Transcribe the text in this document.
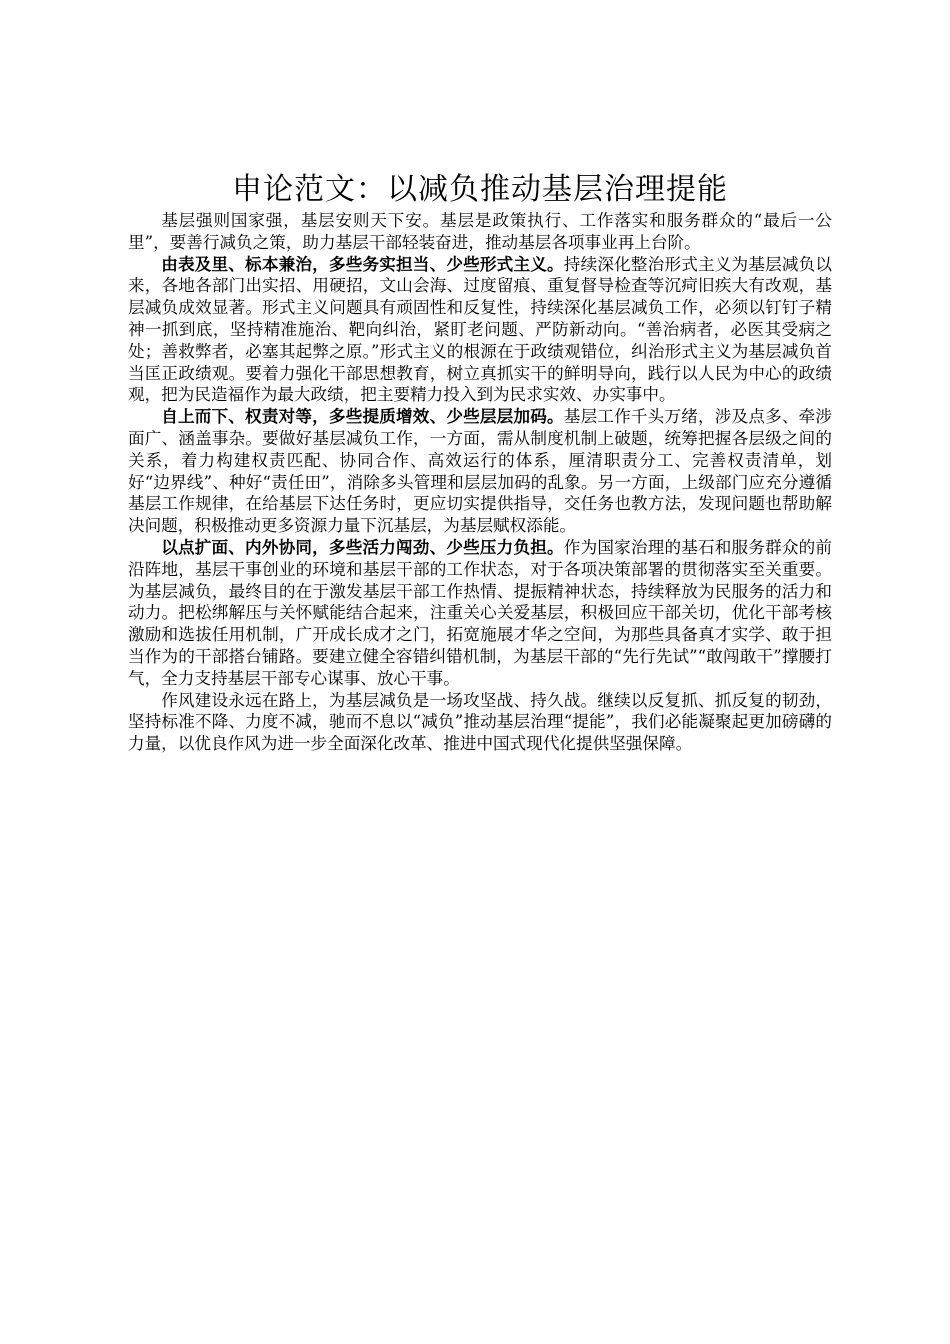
申论范文：以减负推动基层治理提能

基层强则国家强，基层安则天下安。基层是政策执行、工作落实和服务群众的“最后一公里”，要善行减负之策，助力基层干部轻装奋进，推动基层各项事业再上台阶。

由表及里、标本兼治，多些务实担当、少些形式主义。持续深化整治形式主义为基层减负以来，各地各部门出实招、用硬招，文山会海、过度留痕、重复督导检查等沉疴旧疾大有改观，基层减负成效显著。形式主义问题具有顽固性和反复性，持续深化基层减负工作，必须以钉钉子精神一抓到底，坚持精准施治、靶向纠治，紧盯老问题、严防新动向。“善治病者，必医其受病之处；善救弊者，必塞其起弊之原。”形式主义的根源在于政绩观错位，纠治形式主义为基层减负首当匡正政绩观。要着力强化干部思想教育，树立真抓实干的鲜明导向，践行以人民为中心的政绩观，把为民造福作为最大政绩，把主要精力投入到为民求实效、办实事中。

自上而下、权责对等，多些提质增效、少些层层加码。基层工作千头万绪，涉及点多、牵涉面广、涵盖事杂。要做好基层减负工作，一方面，需从制度机制上破题，统筹把握各层级之间的关系，着力构建权责匹配、协同合作、高效运行的体系，厘清职责分工、完善权责清单，划好“边界线”、种好“责任田”，消除多头管理和层层加码的乱象。另一方面，上级部门应充分遵循基层工作规律，在给基层下达任务时，更应切实提供指导，交任务也教方法，发现问题也帮助解决问题，积极推动更多资源力量下沉基层，为基层赋权添能。

以点扩面、内外协同，多些活力闯劲、少些压力负担。作为国家治理的基石和服务群众的前沿阵地，基层干事创业的环境和基层干部的工作状态，对于各项决策部署的贯彻落实至关重要。为基层减负，最终目的在于激发基层干部工作热情、提振精神状态，持续释放为民服务的活力和动力。把松绑解压与关怀赋能结合起来，注重关心关爱基层，积极回应干部关切，优化干部考核激励和选拔任用机制，广开成长成才之门，拓宽施展才华之空间，为那些具备真才实学、敢于担当作为的干部搭台铺路。要建立健全容错纠错机制，为基层干部的“先行先试”“敢闯敢干”撑腰打气，全力支持基层干部专心谋事、放心干事。

作风建设永远在路上，为基层减负是一场攻坚战、持久战。继续以反复抓、抓反复的韧劲，坚持标准不降、力度不减，驰而不息以“减负”推动基层治理“提能”，我们必能凝聚起更加磅礴的力量，以优良作风为进一步全面深化改革、推进中国式现代化提供坚强保障。
